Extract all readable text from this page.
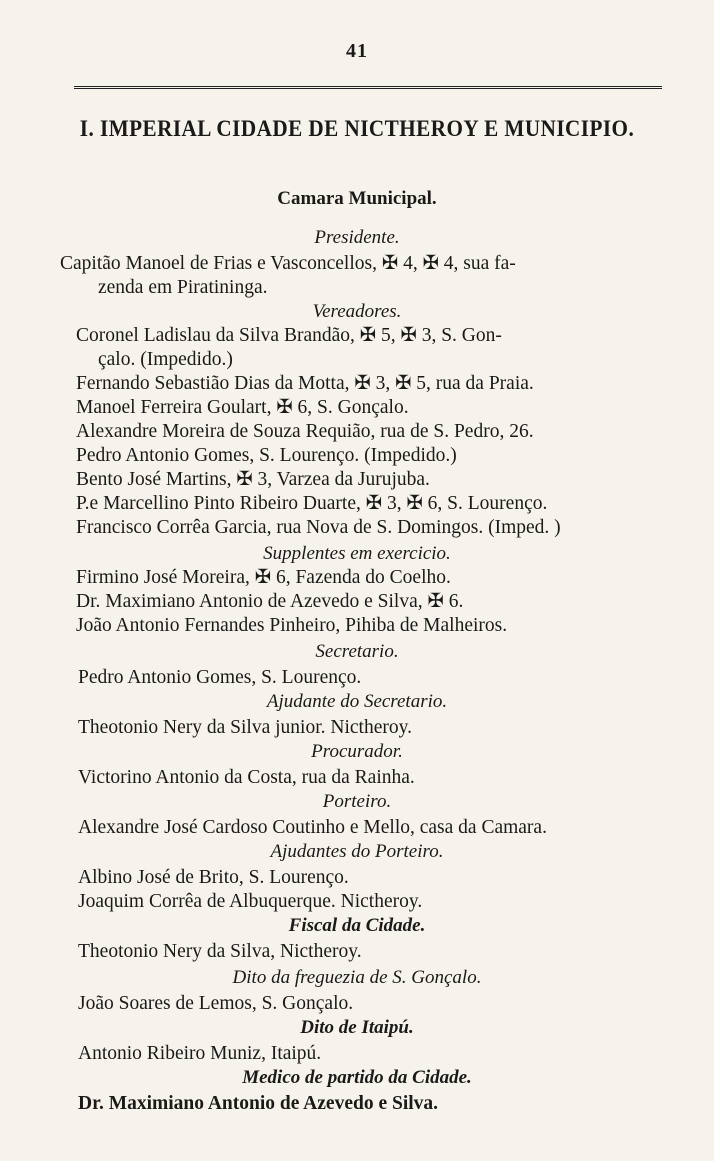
41
I. IMPERIAL CIDADE DE NICTHEROY E MUNICIPIO.
Camara Municipal.
Presidente.
Capitão Manoel de Frias e Vasconcellos, ✠ 4, ✠ 4, sua fa-
zenda em Piratininga.
Vereadores.
Coronel Ladislau da Silva Brandão, ✠ 5, ✠ 3, S. Gon-
çalo. (Impedido.)
Fernando Sebastião Dias da Motta, ✠ 3, ✠ 5, rua da Praia.
Manoel Ferreira Goulart, ✠ 6, S. Gonçalo.
Alexandre Moreira de Souza Requião, rua de S. Pedro, 26.
Pedro Antonio Gomes, S. Lourenço. (Impedido.)
Bento José Martins, ✠ 3, Varzea da Jurujuba.
P.e Marcellino Pinto Ribeiro Duarte, ✠ 3, ✠ 6, S. Lourenço.
Francisco Corrêa Garcia, rua Nova de S. Domingos. (Imped. )
Supplentes em exercicio.
Firmino José Moreira, ✠ 6, Fazenda do Coelho.
Dr. Maximiano Antonio de Azevedo e Silva, ✠ 6.
João Antonio Fernandes Pinheiro, Pihiba de Malheiros.
Secretario.
Pedro Antonio Gomes, S. Lourenço.
Ajudante do Secretario.
Theotonio Nery da Silva junior. Nictheroy.
Procurador.
Victorino Antonio da Costa, rua da Rainha.
Porteiro.
Alexandre José Cardoso Coutinho e Mello, casa da Camara.
Ajudantes do Porteiro.
Albino José de Brito, S. Lourenço.
Joaquim Corrêa de Albuquerque. Nictheroy.
Fiscal da Cidade.
Theotonio Nery da Silva, Nictheroy.
Dito da freguezia de S. Gonçalo.
João Soares de Lemos, S. Gonçalo.
Dito de Itaipú.
Antonio Ribeiro Muniz, Itaipú.
Medico de partido da Cidade.
Dr. Maximiano Antonio de Azevedo e Silva.
